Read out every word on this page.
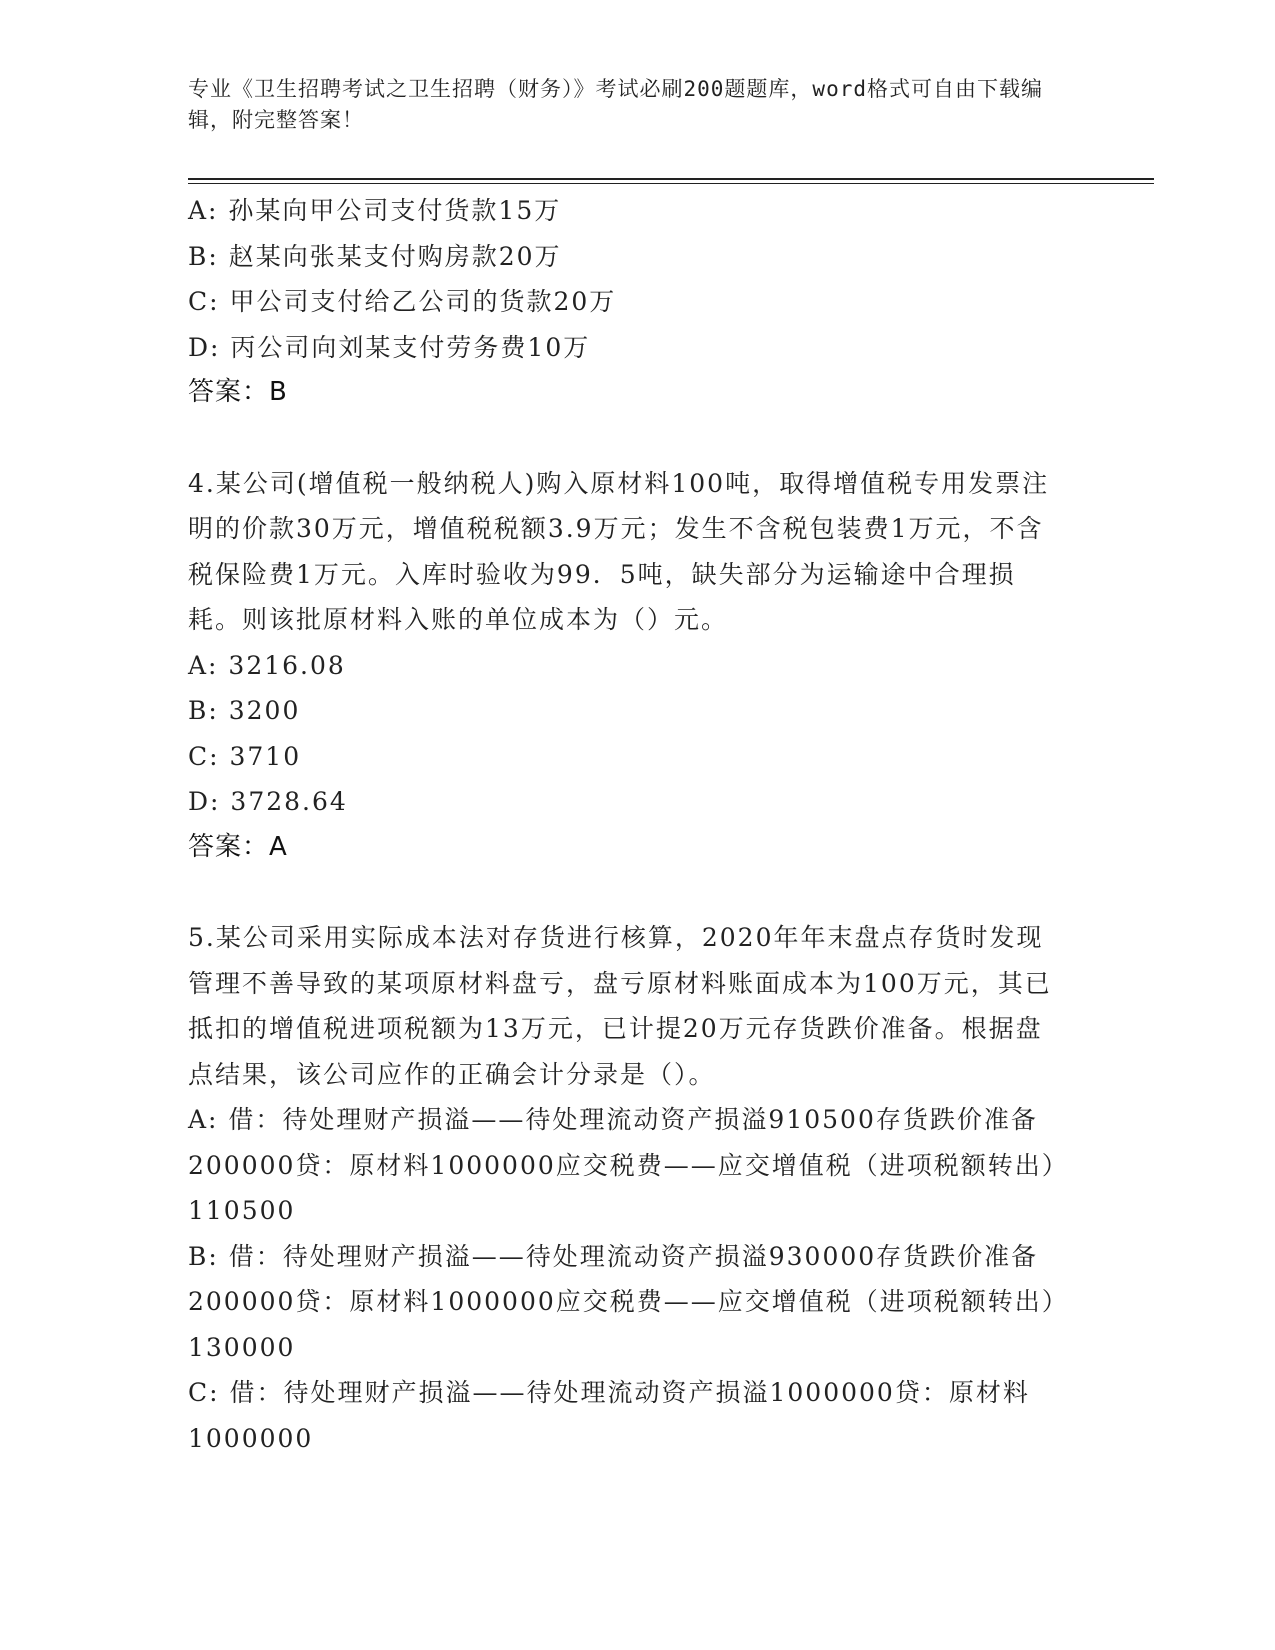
专业《卫生招聘考试之卫生招聘（财务）》考试必刷200题题库，word格式可自由下载编辑，附完整答案！
A: 孙某向甲公司支付货款15万
B: 赵某向张某支付购房款20万
C: 甲公司支付给乙公司的货款20万
D: 丙公司向刘某支付劳务费10万
答案：B
4.某公司(增值税一般纳税人)购入原材料100吨，取得增值税专用发票注明的价款30万元，增值税税额3.9万元；发生不含税包装费1万元，不含税保险费1万元。入库时验收为99．5吨，缺失部分为运输途中合理损耗。则该批原材料入账的单位成本为（）元。
A: 3216.08
B: 3200
C: 3710
D: 3728.64
答案：A
5.某公司采用实际成本法对存货进行核算，2020年年末盘点存货时发现管理不善导致的某项原材料盘亏，盘亏原材料账面成本为100万元，其已抵扣的增值税进项税额为13万元，已计提20万元存货跌价准备。根据盘点结果，该公司应作的正确会计分录是（）。
A: 借：待处理财产损溢——待处理流动资产损溢910500存货跌价准备200000贷：原材料1000000应交税费——应交增值税（进项税额转出）110500
B: 借：待处理财产损溢——待处理流动资产损溢930000存货跌价准备200000贷：原材料1000000应交税费——应交增值税（进项税额转出）130000
C: 借：待处理财产损溢——待处理流动资产损溢1000000贷：原材料1000000
